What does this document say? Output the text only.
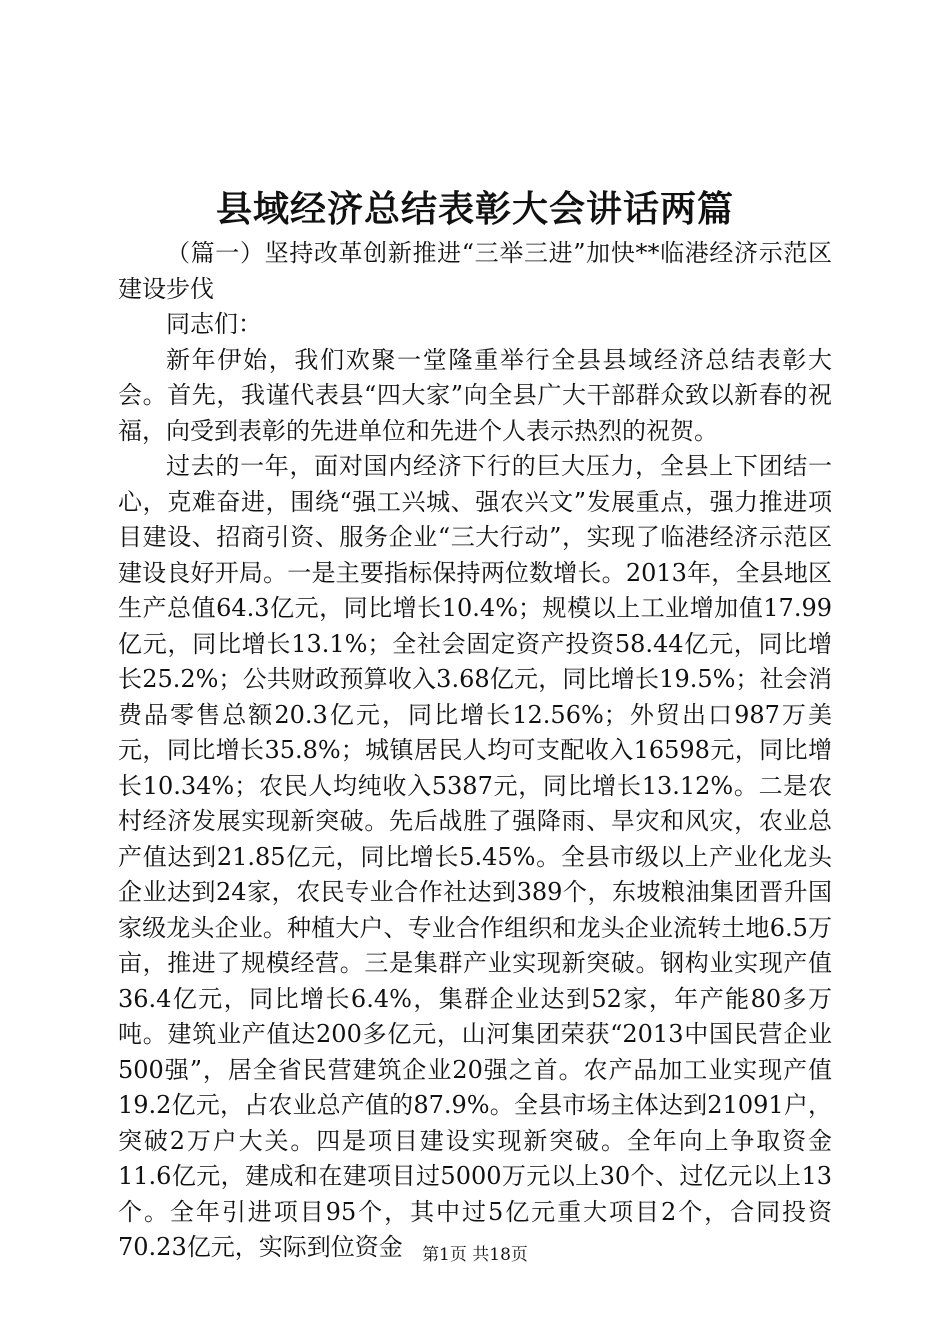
县域经济总结表彰大会讲话两篇

（篇一）坚持改革创新推进“三举三进”加快**临港经济示范区建设步伐

同志们：

新年伊始，我们欢聚一堂隆重举行全县县域经济总结表彰大会。首先，我谨代表县“四大家”向全县广大干部群众致以新春的祝福，向受到表彰的先进单位和先进个人表示热烈的祝贺。

过去的一年，面对国内经济下行的巨大压力，全县上下团结一心，克难奋进，围绕“强工兴城、强农兴文”发展重点，强力推进项目建设、招商引资、服务企业“三大行动”，实现了临港经济示范区建设良好开局。一是主要指标保持两位数增长。2013年，全县地区生产总值64.3亿元，同比增长10.4%；规模以上工业增加值17.99亿元，同比增长13.1%；全社会固定资产投资58.44亿元，同比增长25.2%；公共财政预算收入3.68亿元，同比增长19.5%；社会消费品零售总额20.3亿元，同比增长12.56%；外贸出口987万美元，同比增长35.8%；城镇居民人均可支配收入16598元，同比增长10.34%；农民人均纯收入5387元，同比增长13.12%。二是农村经济发展实现新突破。先后战胜了强降雨、旱灾和风灾，农业总产值达到21.85亿元，同比增长5.45%。全县市级以上产业化龙头企业达到24家，农民专业合作社达到389个，东坡粮油集团晋升国家级龙头企业。种植大户、专业合作组织和龙头企业流转土地6.5万亩，推进了规模经营。三是集群产业实现新突破。钢构业实现产值36.4亿元，同比增长6.4%，集群企业达到52家，年产能80多万吨。建筑业产值达200多亿元，山河集团荣获“2013中国民营企业500强”，居全省民营建筑企业20强之首。农产品加工业实现产值19.2亿元，占农业总产值的87.9%。全县市场主体达到21091户，突破2万户大关。四是项目建设实现新突破。全年向上争取资金11.6亿元，建成和在建项目过5000万元以上30个、过亿元以上13个。全年引进项目95个，其中过5亿元重大项目2个，合同投资70.23亿元，实际到位资金	第1页 共18页
